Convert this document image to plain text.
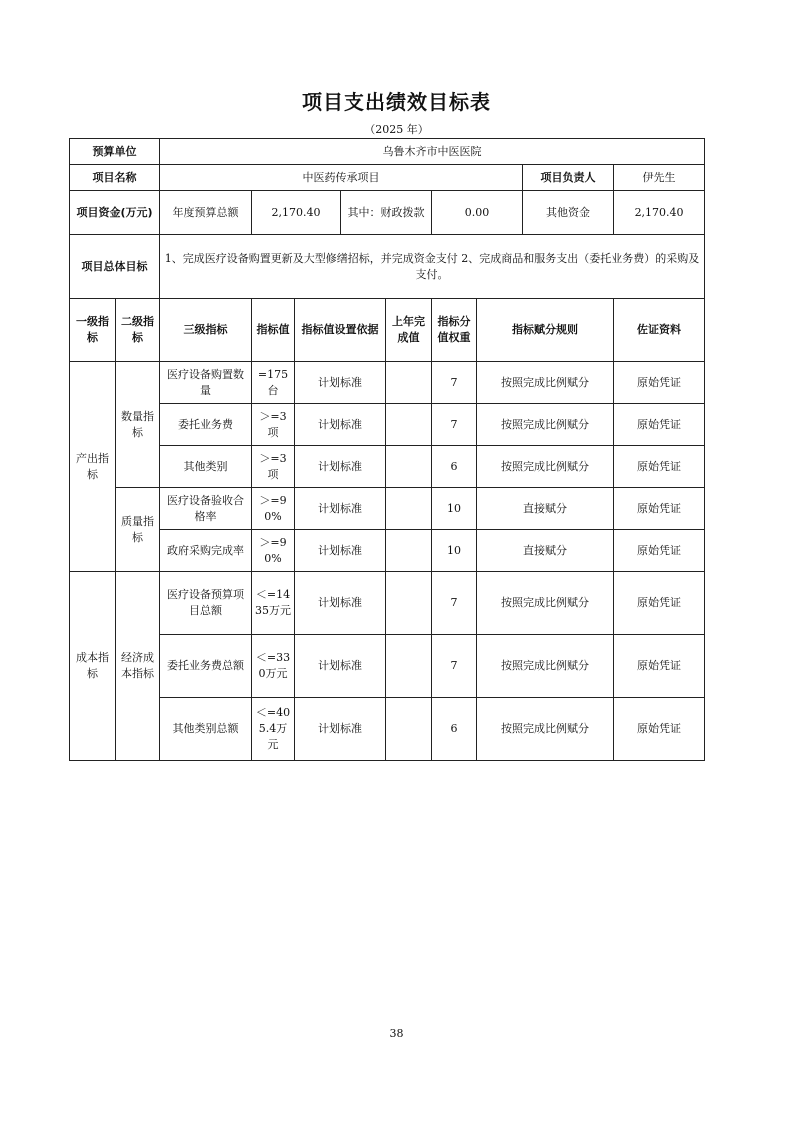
项目支出绩效目标表
（2025 年）
预算单位		乌鲁木齐市中医医院								
项目名称		中医药传承项目							项目负责人	伊先生
项目资金(万元)		年度预算总额	2,170.40		其中：财政拨款		0.00		其他资金	2,170.40
项目总体目标		1、完成医疗设备购置更新及大型修缮招标，并完成资金支付 2、完成商品和服务支出（委托业务费）的采购及支付。								
一级指标	二级指标	三级指标	指标值	指标值设置依据		上年完成值	指标分值权重	指标赋分规则		佐证资料
产出指标	数量指标	医疗设备购置数量	=175台	计划标准			7	按照完成比例赋分		原始凭证
		委托业务费	＞=3项	计划标准			7	按照完成比例赋分		原始凭证
		其他类别	＞=3项	计划标准			6	按照完成比例赋分		原始凭证
	质量指标	医疗设备验收合格率	＞=90%	计划标准			10	直接赋分		原始凭证
		政府采购完成率	＞=90%	计划标准			10	直接赋分		原始凭证
成本指标	经济成本指标	医疗设备预算项目总额	＜=1435万元	计划标准			7	按照完成比例赋分		原始凭证
		委托业务费总额	＜=330万元	计划标准			7	按照完成比例赋分		原始凭证
		其他类别总额	＜=405.4万元	计划标准			6	按照完成比例赋分		原始凭证
38
